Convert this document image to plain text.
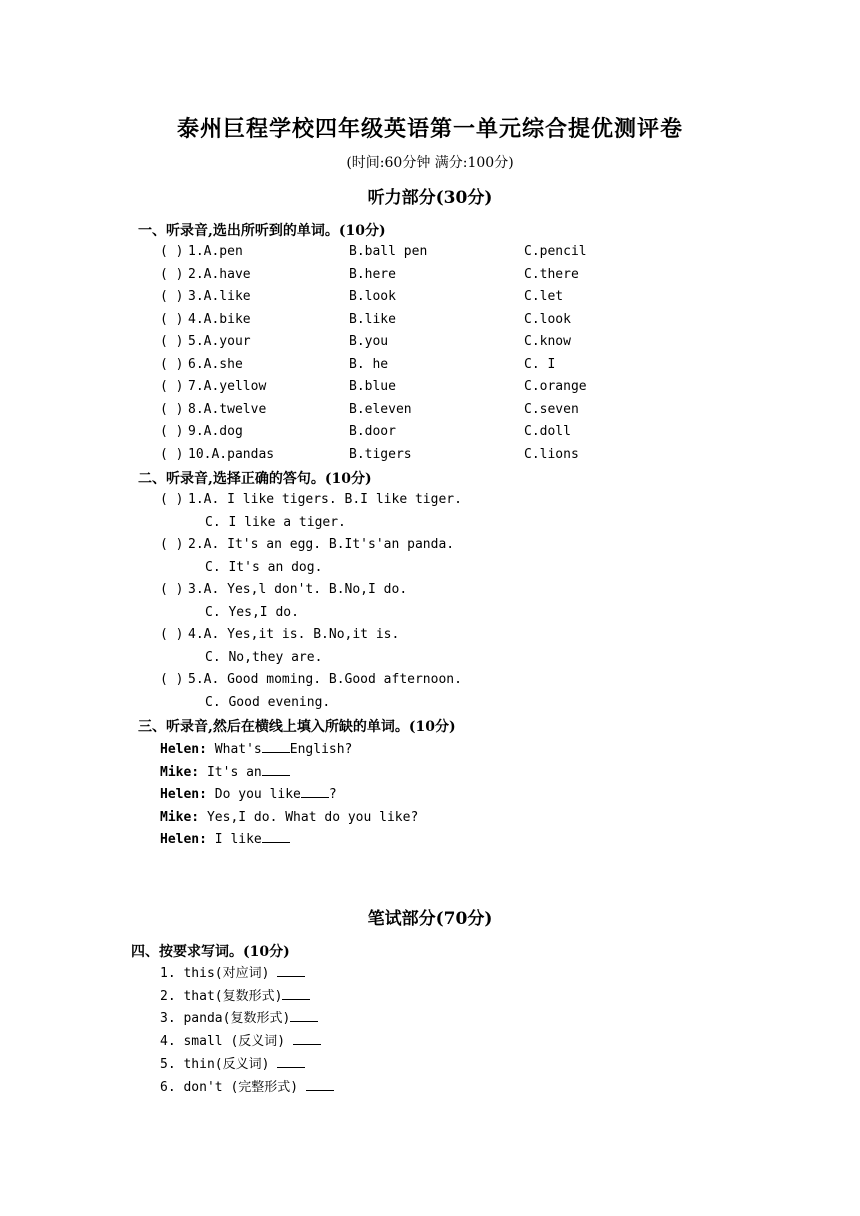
泰州巨程学校四年级英语第一单元综合提优测评卷
(时间:60分钟 满分:100分)
听力部分(30分)
一、听录音,选出所听到的单词。(10分)
( ) 1.A.pen	B.ball pen	C.pencil
( ) 2.A.have	B.here	C.there
( ) 3.A.like	B.look	C.let
( ) 4.A.bike	B.like	C.look
( ) 5.A.your	B.you	C.know
( ) 6.A.she	B. he	C. I
( ) 7.A.yellow	B.blue	C.orange
( ) 8.A.twelve	B.eleven	C.seven
( ) 9.A.dog	B.door	C.doll
( ) 10.A.pandas	B.tigers	C.lions
二、听录音,选择正确的答句。(10分)
( ) 1.A. I like tigers. B.I like tiger.
C. I like a tiger.
( ) 2.A. It's an egg. B.It's'an panda.
C. It's an dog.
( ) 3.A. Yes,l don't. B.No,I do.
C. Yes,I do.
( ) 4.A. Yes,it is. B.No,it is.
C. No,they are.
( ) 5.A. Good moming. B.Good afternoon.
C. Good evening.
三、听录音,然后在横线上填入所缺的单词。(10分)
Helen: What's English?
Mike: It's an
Helen: Do you like ?
Mike: Yes,I do. What do you like?
Helen: I like
笔试部分(70分)
四、按要求写词。(10分)
1. this(对应词)
2. that(复数形式)
3. panda(复数形式)
4. small (反义词)
5. thin(反义词)
6. don't (完整形式)
